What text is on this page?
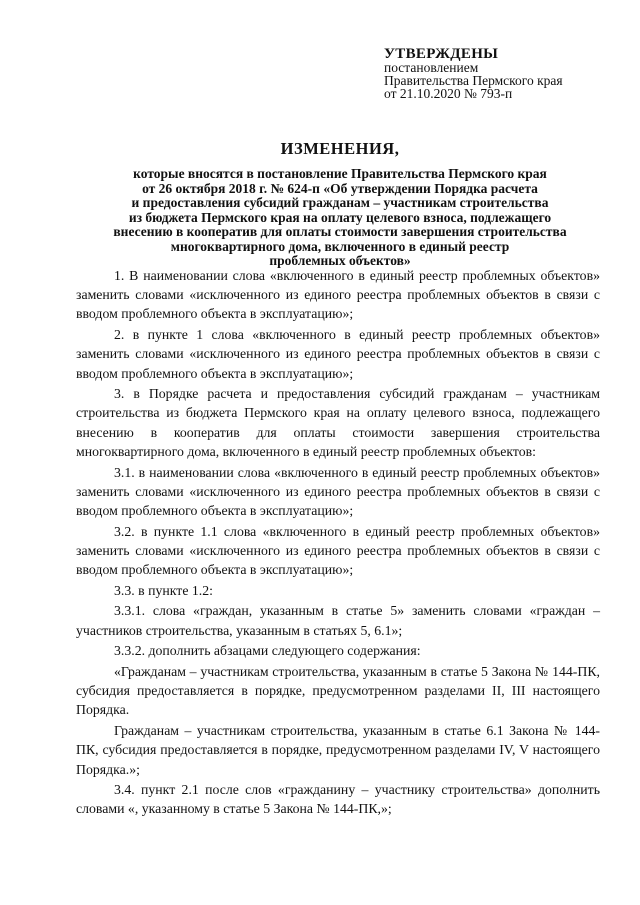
УТВЕРЖДЕНЫ
постановлением
Правительства Пермского края
от 21.10.2020 № 793-п
ИЗМЕНЕНИЯ,
которые вносятся в постановление Правительства Пермского края
от 26 октября 2018 г. № 624-п «Об утверждении Порядка расчета
и предоставления субсидий гражданам – участникам строительства
из бюджета Пермского края на оплату целевого взноса, подлежащего
внесению в кооператив для оплаты стоимости завершения строительства
многоквартирного дома, включенного в единый реестр
проблемных объектов»

1. В наименовании слова «включенного в единый реестр проблемных объектов» заменить словами «исключенного из единого реестра проблемных объектов в связи с вводом проблемного объекта в эксплуатацию»;

2. в пункте 1 слова «включенного в единый реестр проблемных объектов» заменить словами «исключенного из единого реестра проблемных объектов в связи с вводом проблемного объекта в эксплуатацию»;

3. в Порядке расчета и предоставления субсидий гражданам – участникам строительства из бюджета Пермского края на оплату целевого взноса, подлежащего внесению в кооператив для оплаты стоимости завершения строительства многоквартирного дома, включенного в единый реестр проблемных объектов:

3.1. в наименовании слова «включенного в единый реестр проблемных объектов» заменить словами «исключенного из единого реестра проблемных объектов в связи с вводом проблемного объекта в эксплуатацию»;

3.2. в пункте 1.1 слова «включенного в единый реестр проблемных объектов» заменить словами «исключенного из единого реестра проблемных объектов в связи с вводом проблемного объекта в эксплуатацию»;

3.3. в пункте 1.2:

3.3.1. слова «граждан, указанным в статье 5» заменить словами «граждан – участников строительства, указанным в статьях 5, 6.1»;

3.3.2. дополнить абзацами следующего содержания:

«Гражданам – участникам строительства, указанным в статье 5 Закона № 144-ПК, субсидия предоставляется в порядке, предусмотренном разделами II, III настоящего Порядка.

Гражданам – участникам строительства, указанным в статье 6.1 Закона № 144-ПК, субсидия предоставляется в порядке, предусмотренном разделами IV, V настоящего Порядка.»;

3.4. пункт 2.1 после слов «гражданину – участнику строительства» дополнить словами «, указанному в статье 5 Закона № 144-ПК,»;
